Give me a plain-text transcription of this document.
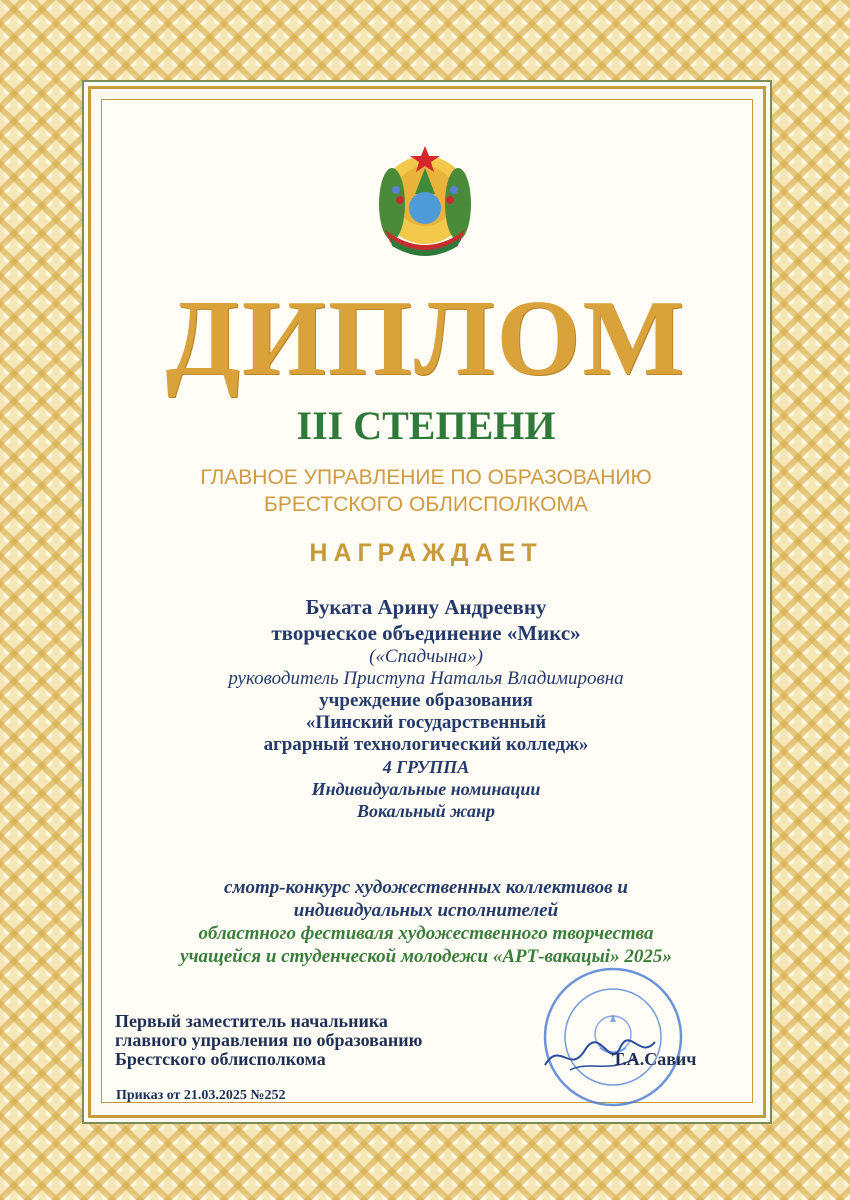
ДИПЛОМ
III СТЕПЕНИ
ГЛАВНОЕ УПРАВЛЕНИЕ ПО ОБРАЗОВАНИЮ
БРЕСТСКОГО ОБЛИСПОЛКОМА
НАГРАЖДАЕТ
Буката Арину Андреевну
творческое объединение «Микс»
(«Спадчына»)
руководитель Приступа Наталья Владимировна
учреждение образования
«Пинский государственный
аграрный технологический колледж»
4 ГРУППА
Индивидуальные номинации
Вокальный жанр
смотр-конкурс художественных коллективов и
индивидуальных исполнителей
областного фестиваля художественного творчества
учащейся и студенческой молодежи «АРТ-вакацыі» 2025»
Первый заместитель начальника
главного управления по образованию
Брестского облисполкома	Т.А.Савич
Приказ от 21.03.2025 №252
